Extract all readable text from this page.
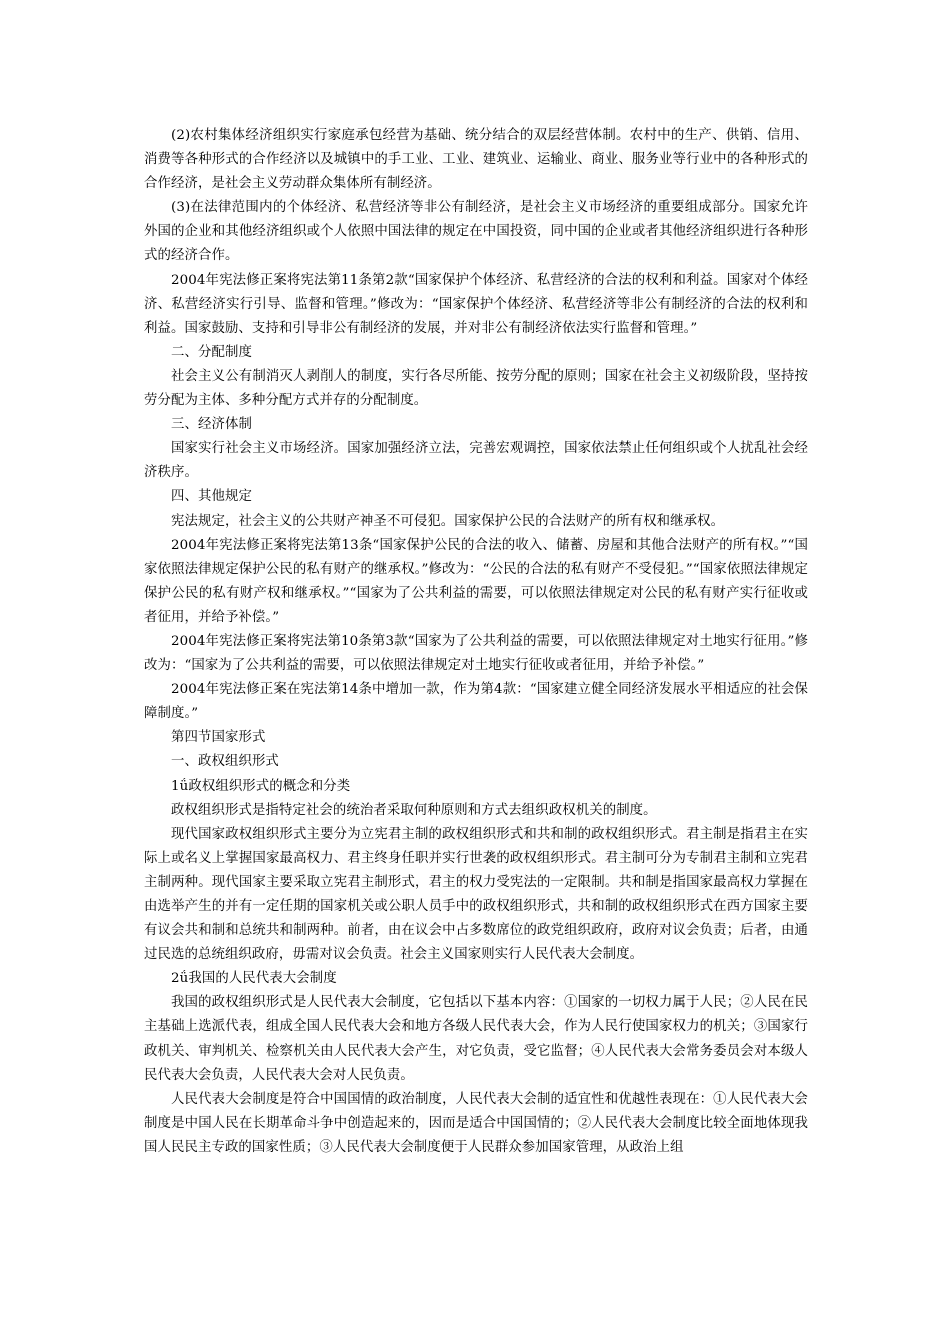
(2)农村集体经济组织实行家庭承包经营为基础、统分结合的双层经营体制。农村中的生产、供销、信用、消费等各种形式的合作经济以及城镇中的手工业、工业、建筑业、运输业、商业、服务业等行业中的各种形式的合作经济，是社会主义劳动群众集体所有制经济。

(3)在法律范围内的个体经济、私营经济等非公有制经济，是社会主义市场经济的重要组成部分。国家允许外国的企业和其他经济组织或个人依照中国法律的规定在中国投资，同中国的企业或者其他经济组织进行各种形式的经济合作。

2004年宪法修正案将宪法第11条第2款“国家保护个体经济、私营经济的合法的权利和利益。国家对个体经济、私营经济实行引导、监督和管理。”修改为：“国家保护个体经济、私营经济等非公有制经济的合法的权利和利益。国家鼓励、支持和引导非公有制经济的发展，并对非公有制经济依法实行监督和管理。”

二、分配制度

社会主义公有制消灭人剥削人的制度，实行各尽所能、按劳分配的原则；国家在社会主义初级阶段，坚持按劳分配为主体、多种分配方式并存的分配制度。

三、经济体制

国家实行社会主义市场经济。国家加强经济立法，完善宏观调控，国家依法禁止任何组织或个人扰乱社会经济秩序。

四、其他规定

宪法规定，社会主义的公共财产神圣不可侵犯。国家保护公民的合法财产的所有权和继承权。

2004年宪法修正案将宪法第13条“国家保护公民的合法的收入、储蓄、房屋和其他合法财产的所有权。”“国家依照法律规定保护公民的私有财产的继承权。”修改为：“公民的合法的私有财产不受侵犯。”“国家依照法律规定保护公民的私有财产权和继承权。”“国家为了公共利益的需要，可以依照法律规定对公民的私有财产实行征收或者征用，并给予补偿。”

2004年宪法修正案将宪法第10条第3款“国家为了公共利益的需要，可以依照法律规定对土地实行征用。”修改为：“国家为了公共利益的需要，可以依照法律规定对土地实行征收或者征用，并给予补偿。”

2004年宪法修正案在宪法第14条中增加一款，作为第4款：“国家建立健全同经济发展水平相适应的社会保障制度。”

第四节国家形式

一、政权组织形式

1ǘ政权组织形式的概念和分类

政权组织形式是指特定社会的统治者采取何种原则和方式去组织政权机关的制度。

现代国家政权组织形式主要分为立宪君主制的政权组织形式和共和制的政权组织形式。君主制是指君主在实际上或名义上掌握国家最高权力、君主终身任职并实行世袭的政权组织形式。君主制可分为专制君主制和立宪君主制两种。现代国家主要采取立宪君主制形式，君主的权力受宪法的一定限制。共和制是指国家最高权力掌握在由选举产生的并有一定任期的国家机关或公职人员手中的政权组织形式，共和制的政权组织形式在西方国家主要有议会共和制和总统共和制两种。前者，由在议会中占多数席位的政党组织政府，政府对议会负责；后者，由通过民选的总统组织政府，毋需对议会负责。社会主义国家则实行人民代表大会制度。

2ǘ我国的人民代表大会制度

我国的政权组织形式是人民代表大会制度，它包括以下基本内容：①国家的一切权力属于人民；②人民在民主基础上选派代表，组成全国人民代表大会和地方各级人民代表大会，作为人民行使国家权力的机关；③国家行政机关、审判机关、检察机关由人民代表大会产生，对它负责，受它监督；④人民代表大会常务委员会对本级人民代表大会负责，人民代表大会对人民负责。

人民代表大会制度是符合中国国情的政治制度，人民代表大会制的适宜性和优越性表现在：①人民代表大会制度是中国人民在长期革命斗争中创造起来的，因而是适合中国国情的；②人民代表大会制度比较全面地体现我国人民民主专政的国家性质；③人民代表大会制度便于人民群众参加国家管理，从政治上组
